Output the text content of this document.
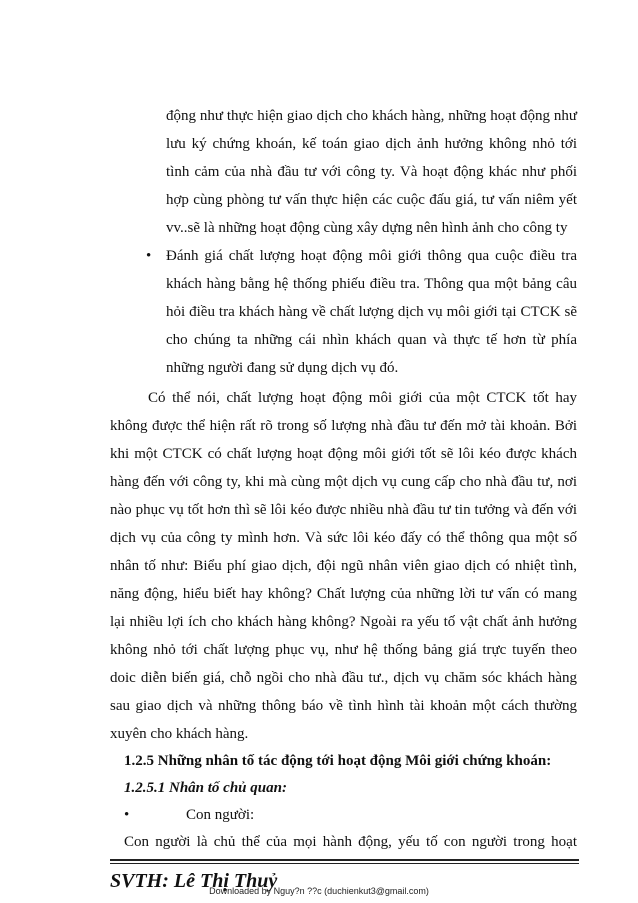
động như thực hiện giao dịch cho khách hàng, những hoạt động như
lưu ký chứng khoán, kế toán giao dịch ảnh hưởng không nhỏ tới
tình cảm của nhà đầu tư với công ty. Và hoạt động khác như phối
hợp cùng phòng tư vấn thực hiện các cuộc đấu giá, tư vấn niêm yết
vv..sẽ là những hoạt động cùng xây dựng nên hình ảnh cho công ty
• Đánh giá chất lượng hoạt động môi giới thông qua cuộc điều tra
khách hàng bằng hệ thống phiếu điều tra. Thông qua một bảng câu
hỏi điều tra khách hàng về chất lượng dịch vụ môi giới tại CTCK sẽ
cho chúng ta những cái nhìn khách quan và thực tế hơn từ phía
những người đang sử dụng dịch vụ đó.
Có thể nói, chất lượng hoạt động môi giới của một CTCK tốt hay
không được thể hiện rất rõ trong số lượng nhà đầu tư đến mở tài khoản. Bởi
khi một CTCK có chất lượng hoạt động môi giới tốt sẽ lôi kéo được khách
hàng đến với công ty, khi mà cùng một dịch vụ cung cấp cho nhà đầu tư, nơi
nào phục vụ tốt hơn thì sẽ lôi kéo được nhiều nhà đầu tư tin tưởng và đến với
dịch vụ của công ty mình hơn. Và sức lôi kéo đấy có thể thông qua một số
nhân tố như: Biểu phí giao dịch, đội ngũ nhân viên giao dịch có nhiệt tình,
năng động, hiểu biết hay không? Chất lượng của những lời tư vấn có mang
lại nhiều lợi ích cho khách hàng không? Ngoài ra yếu tố vật chất ảnh hưởng
không nhỏ tới chất lượng phục vụ, như hệ thống bảng giá trực tuyến theo
doic diễn biến giá, chỗ ngồi cho nhà đầu tư., dịch vụ chăm sóc khách hàng
sau giao dịch và những thông báo về tình hình tài khoản một cách thường
xuyên cho khách hàng.
1.2.5 Những nhân tố tác động tới hoạt động Môi giới chứng khoán:
1.2.5.1 Nhân tố chủ quan:
•	Con người:
Con người là chủ thể của mọi hành động, yếu tố con người trong hoạt
SVTH: Lê Thị Thuỷ
Downloaded by Nguy?n ??c (duchienkut3@gmail.com)
